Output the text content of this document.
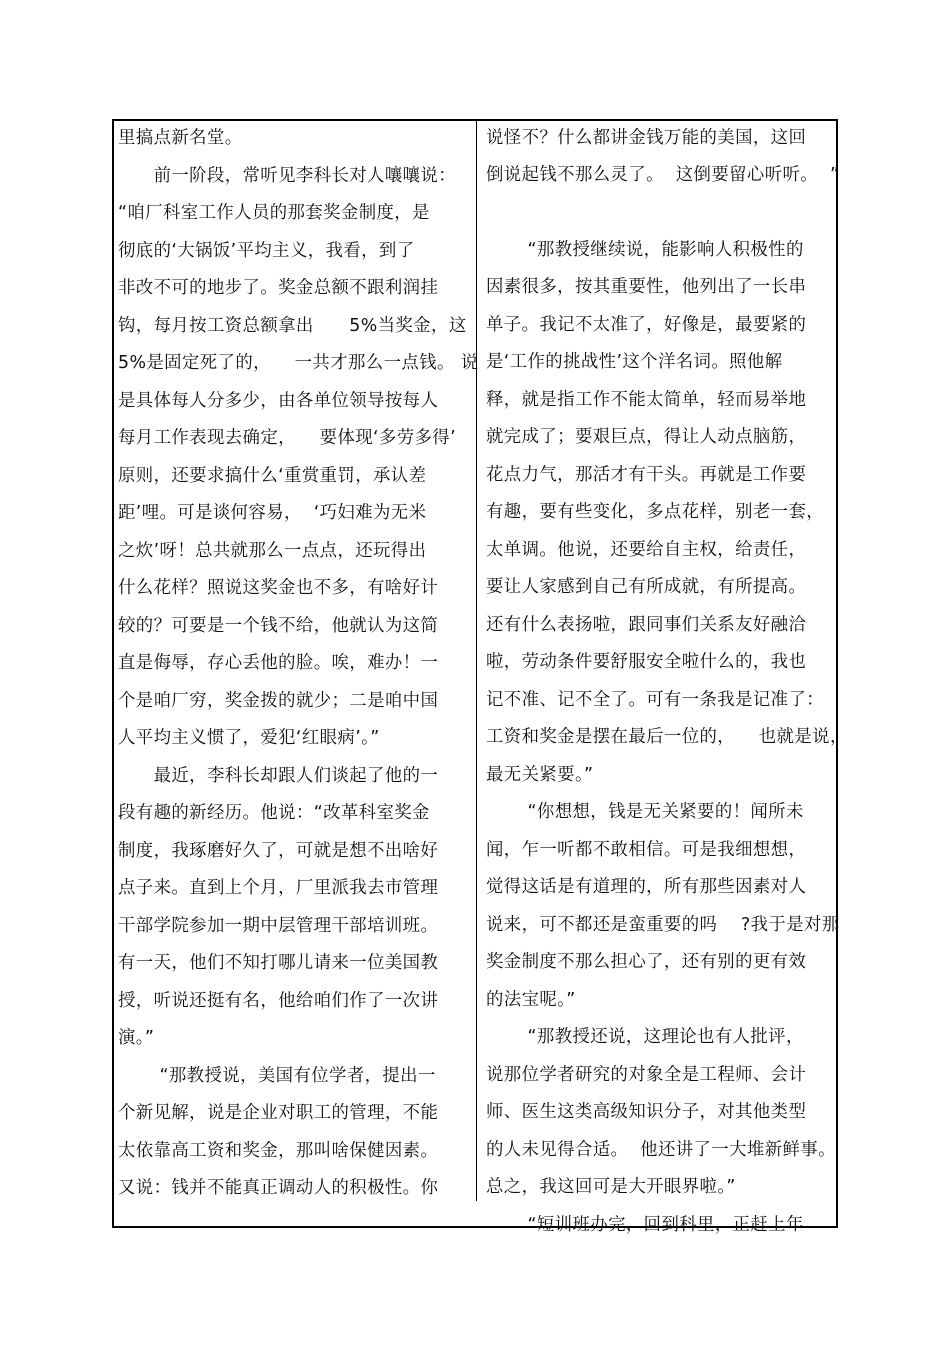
里搞点新名堂。
前一阶段，常听见李科长对人嚷嚷说：
“咱厂科室工作人员的那套奖金制度，是
彻底的‘大锅饭’平均主义，我看，到了
非改不可的地步了。奖金总额不跟利润挂
钩，每月按工资总额拿出      5%当奖金，这
5%是固定死了的，    一共才那么一点钱。 说
是具体每人分多少，由各单位领导按每人
每月工作表现去确定，    要体现‘多劳多得’
原则，还要求搞什么‘重赏重罚，承认差
距’哩。可是谈何容易，  ‘巧妇难为无米
之炊’呀！总共就那么一点点，还玩得出
什么花样？照说这奖金也不多，有啥好计
较的？可要是一个钱不给，他就认为这简
直是侮辱，存心丢他的脸。唉，难办！一
个是咱厂穷，奖金拨的就少；二是咱中国
人平均主义惯了，爱犯‘红眼病’。”
最近，李科长却跟人们谈起了他的一
段有趣的新经历。他说：“改革科室奖金
制度，我琢磨好久了，可就是想不出啥好
点子来。直到上个月，厂里派我去市管理
干部学院参加一期中层管理干部培训班。
有一天，他们不知打哪儿请来一位美国教
授，听说还挺有名，他给咱们作了一次讲
演。”
“那教授说，美国有位学者，提出一
个新见解，说是企业对职工的管理，不能
太依靠高工资和奖金，那叫啥保健因素。
又说：钱并不能真正调动人的积极性。你
说怪不？什么都讲金钱万能的美国，这回
倒说起钱不那么灵了。  这倒要留心听听。  ”
“那教授继续说，能影响人积极性的
因素很多，按其重要性，他列出了一长串
单子。我记不太准了，好像是，最要紧的
是‘工作的挑战性’这个洋名词。照他解
释，就是指工作不能太简单，轻而易举地
就完成了；要艰巨点，得让人动点脑筋，
花点力气，那活才有干头。再就是工作要
有趣，要有些变化，多点花样，别老一套，
太单调。他说，还要给自主权，给责任，
要让人家感到自己有所成就，有所提高。
还有什么表扬啦，跟同事们关系友好融洽
啦，劳动条件要舒服安全啦什么的，我也
记不准、记不全了。可有一条我是记准了：
工资和奖金是摆在最后一位的，    也就是说，
最无关紧要。”
“你想想，钱是无关紧要的！闻所未
闻，乍一听都不敢相信。可是我细想想，
觉得这话是有道理的，所有那些因素对人
说来，可不都还是蛮重要的吗    ?我于是对那
奖金制度不那么担心了，还有别的更有效
的法宝呢。”
“那教授还说，这理论也有人批评，
说那位学者研究的对象全是工程师、会计
师、医生这类高级知识分子，对其他类型
的人未见得合适。  他还讲了一大堆新鲜事。
总之，我这回可是大开眼界啦。”
“短训班办完，回到科里，正赶上年
